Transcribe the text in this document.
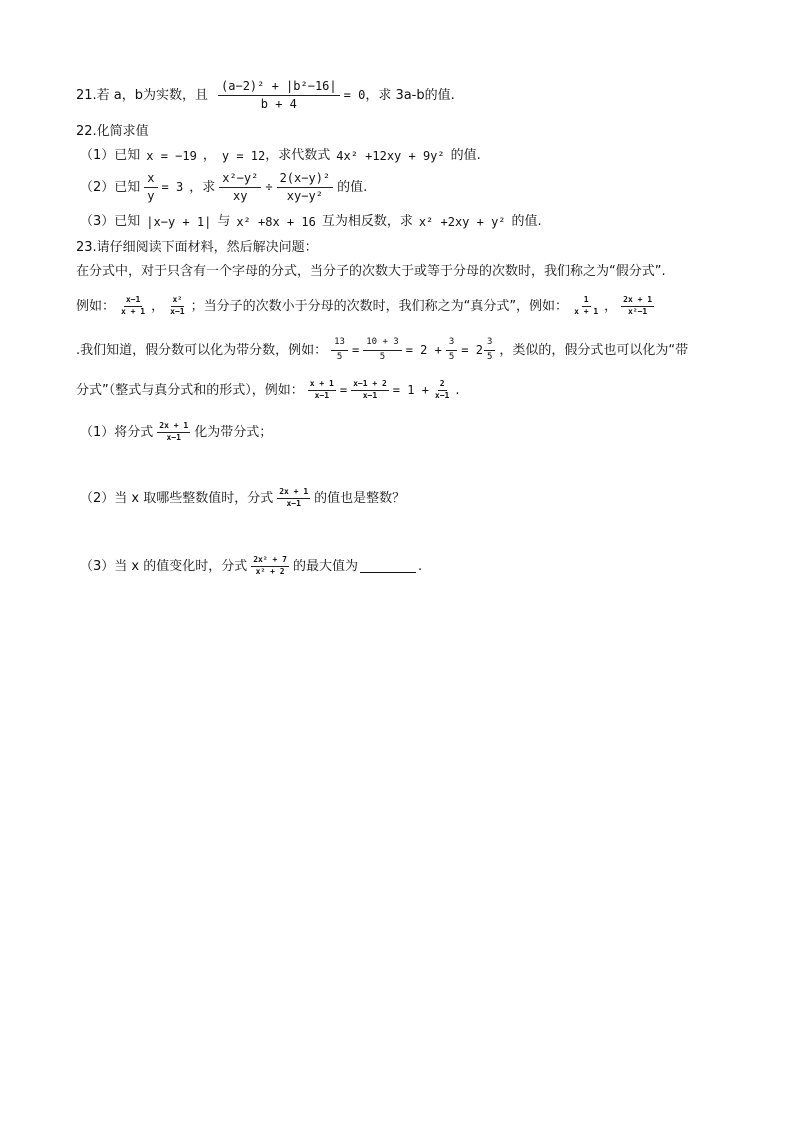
21.若 a，b为实数，且 $\frac{\text{(a−2)² + |b²−16|}}{b + 4} = 0$ ，求 3a-b的值.
22.化简求值
（1）已知 x = −19 ， y = 12 ，求代数式 4x² +12xy + 9y² 的值.
（2）已知 $\frac{x}{y} = 3$ ，求 $\frac{\text{x²−y²}}{xy} \div \frac{\text{2(x−y)²}}{\text{xy−y²}}$ 的值.
（3）已知 |x−y + 1| 与 x² +8x + 16 互为相反数，求 x² +2xy + y² 的值.
23.请仔细阅读下面材料，然后解决问题：
在分式中，对于只含有一个字母的分式，当分子的次数大于或等于分母的次数时，我们称之为“假分式”.
例如： $\frac{x-1}{x + 1}$ ， $\frac{\text{x²}}{x-1}$ ；当分子的次数小于分母的次数时，我们称之为“真分式”，例如： $\frac{1}{x + 1}$ ， $\frac{2x + 1}{\text{x²−1}}$
.我们知道，假分数可以化为带分数，例如： $\frac{13}{5} = \frac{10 + 3}{5} = 2 + \frac{3}{5} = 2 \frac{3}{5}$ ，类似的，假分式也可以化为“带
分式”（整式与真分式和的形式），例如： $\frac{x + 1}{x-1} = \frac{x-1 + 2}{x-1} = 1 + \frac{2}{x-1}$ .
（1）将分式 $\frac{2x + 1}{x-1}$ 化为带分式；
（2）当 x 取哪些整数值时，分式 $\frac{2x + 1}{x-1}$ 的值也是整数？
（3）当 x 的值变化时，分式 $\frac{\text{2x² + 7}}{\text{x² + 2}}$ 的最大值为	.
